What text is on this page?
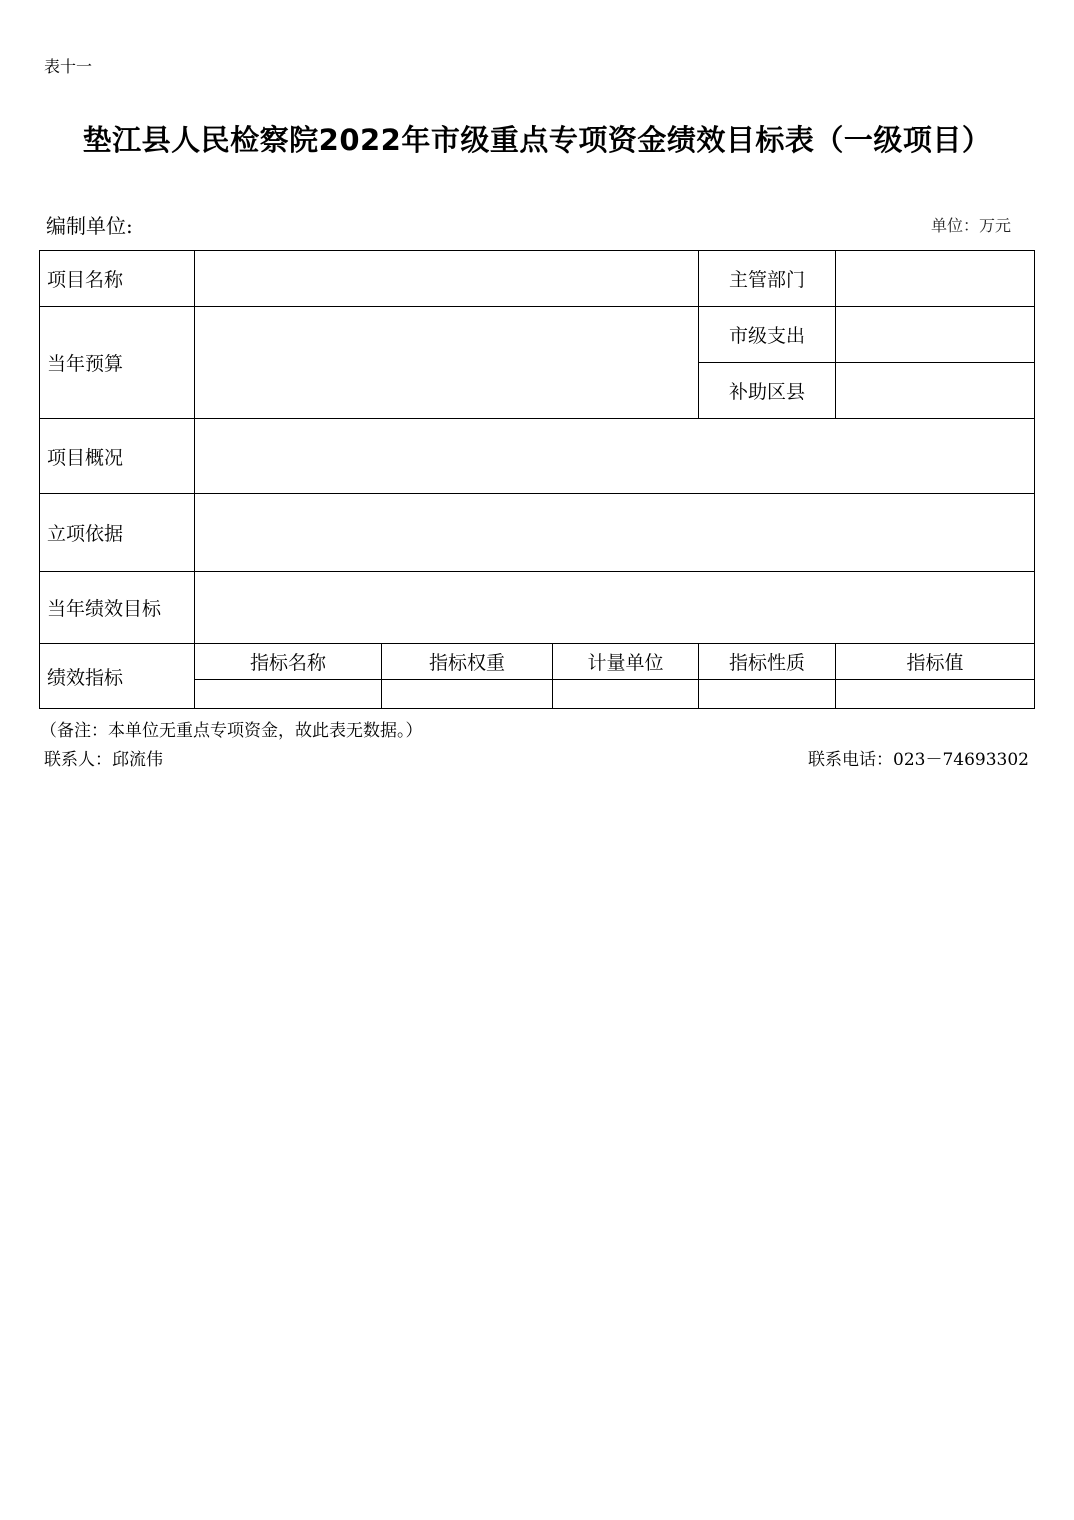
表十一
垫江县人民检察院2022年市级重点专项资金绩效目标表（一级项目）
编制单位:	单位：万元
项目名称				主管部门	
当年预算				市级支出	
				补助区县	
项目概况					
立项依据					
当年绩效目标					
绩效指标	指标名称	指标权重	计量单位	指标性质	指标值

（备注：本单位无重点专项资金，故此表无数据。）
联系人：邱流伟	联系电话：023－74693302
